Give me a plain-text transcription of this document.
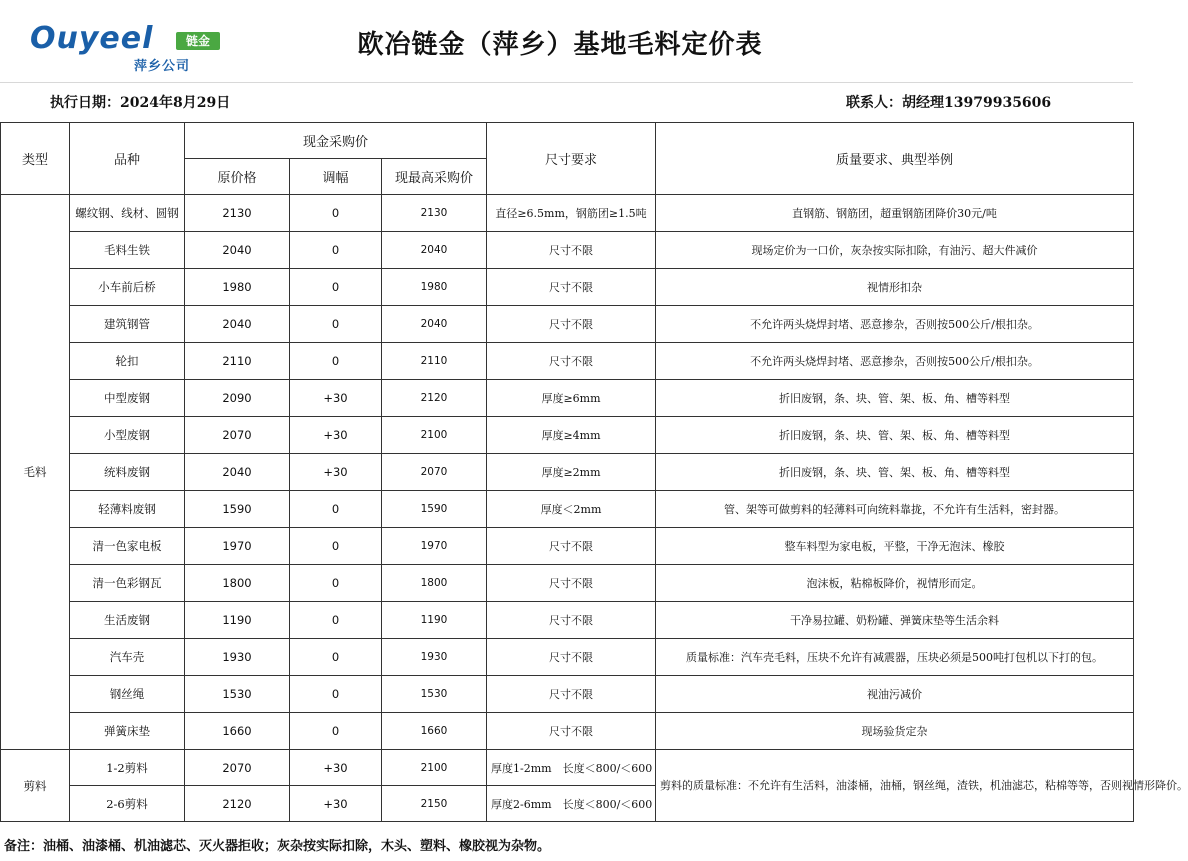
Ouyeel	链金
萍乡公司
欧冶链金（萍乡）基地毛料定价表
执行日期：2024年8月29日	联系人：胡经理13979935606
类型	品种	现金采购价			尺寸要求	质量要求、典型举例
		原价格	调幅	现最高采购价		
毛料	螺纹钢、线材、圆钢	2130	0	2130	直径≥6.5mm，钢筋团≥1.5吨	直钢筋、钢筋团，超重钢筋团降价30元/吨
	毛料生铁	2040	0	2040	尺寸不限	现场定价为一口价，灰杂按实际扣除，有油污、超大件减价
	小车前后桥	1980	0	1980	尺寸不限	视情形扣杂
	建筑钢管	2040	0	2040	尺寸不限	不允许两头烧焊封堵、恶意掺杂，否则按500公斤/根扣杂。
	轮扣	2110	0	2110	尺寸不限	不允许两头烧焊封堵、恶意掺杂，否则按500公斤/根扣杂。
	中型废钢	2090	+30	2120	厚度≥6mm	折旧废钢，条、块、管、架、板、角、槽等料型
	小型废钢	2070	+30	2100	厚度≥4mm	折旧废钢，条、块、管、架、板、角、槽等料型
	统料废钢	2040	+30	2070	厚度≥2mm	折旧废钢，条、块、管、架、板、角、槽等料型
	轻薄料废钢	1590	0	1590	厚度＜2mm	管、架等可做剪料的轻薄料可向统料靠拢，不允许有生活料，密封器。
	清一色家电板	1970	0	1970	尺寸不限	整车料型为家电板，平整，干净无泡沫、橡胶
	清一色彩钢瓦	1800	0	1800	尺寸不限	泡沫板，粘棉板降价，视情形而定。
	生活废钢	1190	0	1190	尺寸不限	干净易拉罐、奶粉罐、弹簧床垫等生活余料
	汽车壳	1930	0	1930	尺寸不限	质量标准：汽车壳毛料，压块不允许有减震器，压块必须是500吨打包机以下打的包。
	钢丝绳	1530	0	1530	尺寸不限	视油污减价
	弹簧床垫	1660	0	1660	尺寸不限	现场验货定杂
剪料	1-2剪料	2070	+30	2100	厚度1-2mm　长度＜800/＜600	剪料的质量标准：不允许有生活料，油漆桶，油桶，钢丝绳，渣铁，机油滤芯，粘棉等等，否则视情形降价。
	2-6剪料	2120	+30	2150	厚度2-6mm　长度＜800/＜600	
备注：油桶、油漆桶、机油滤芯、灭火器拒收；灰杂按实际扣除，木头、塑料、橡胶视为杂物。
